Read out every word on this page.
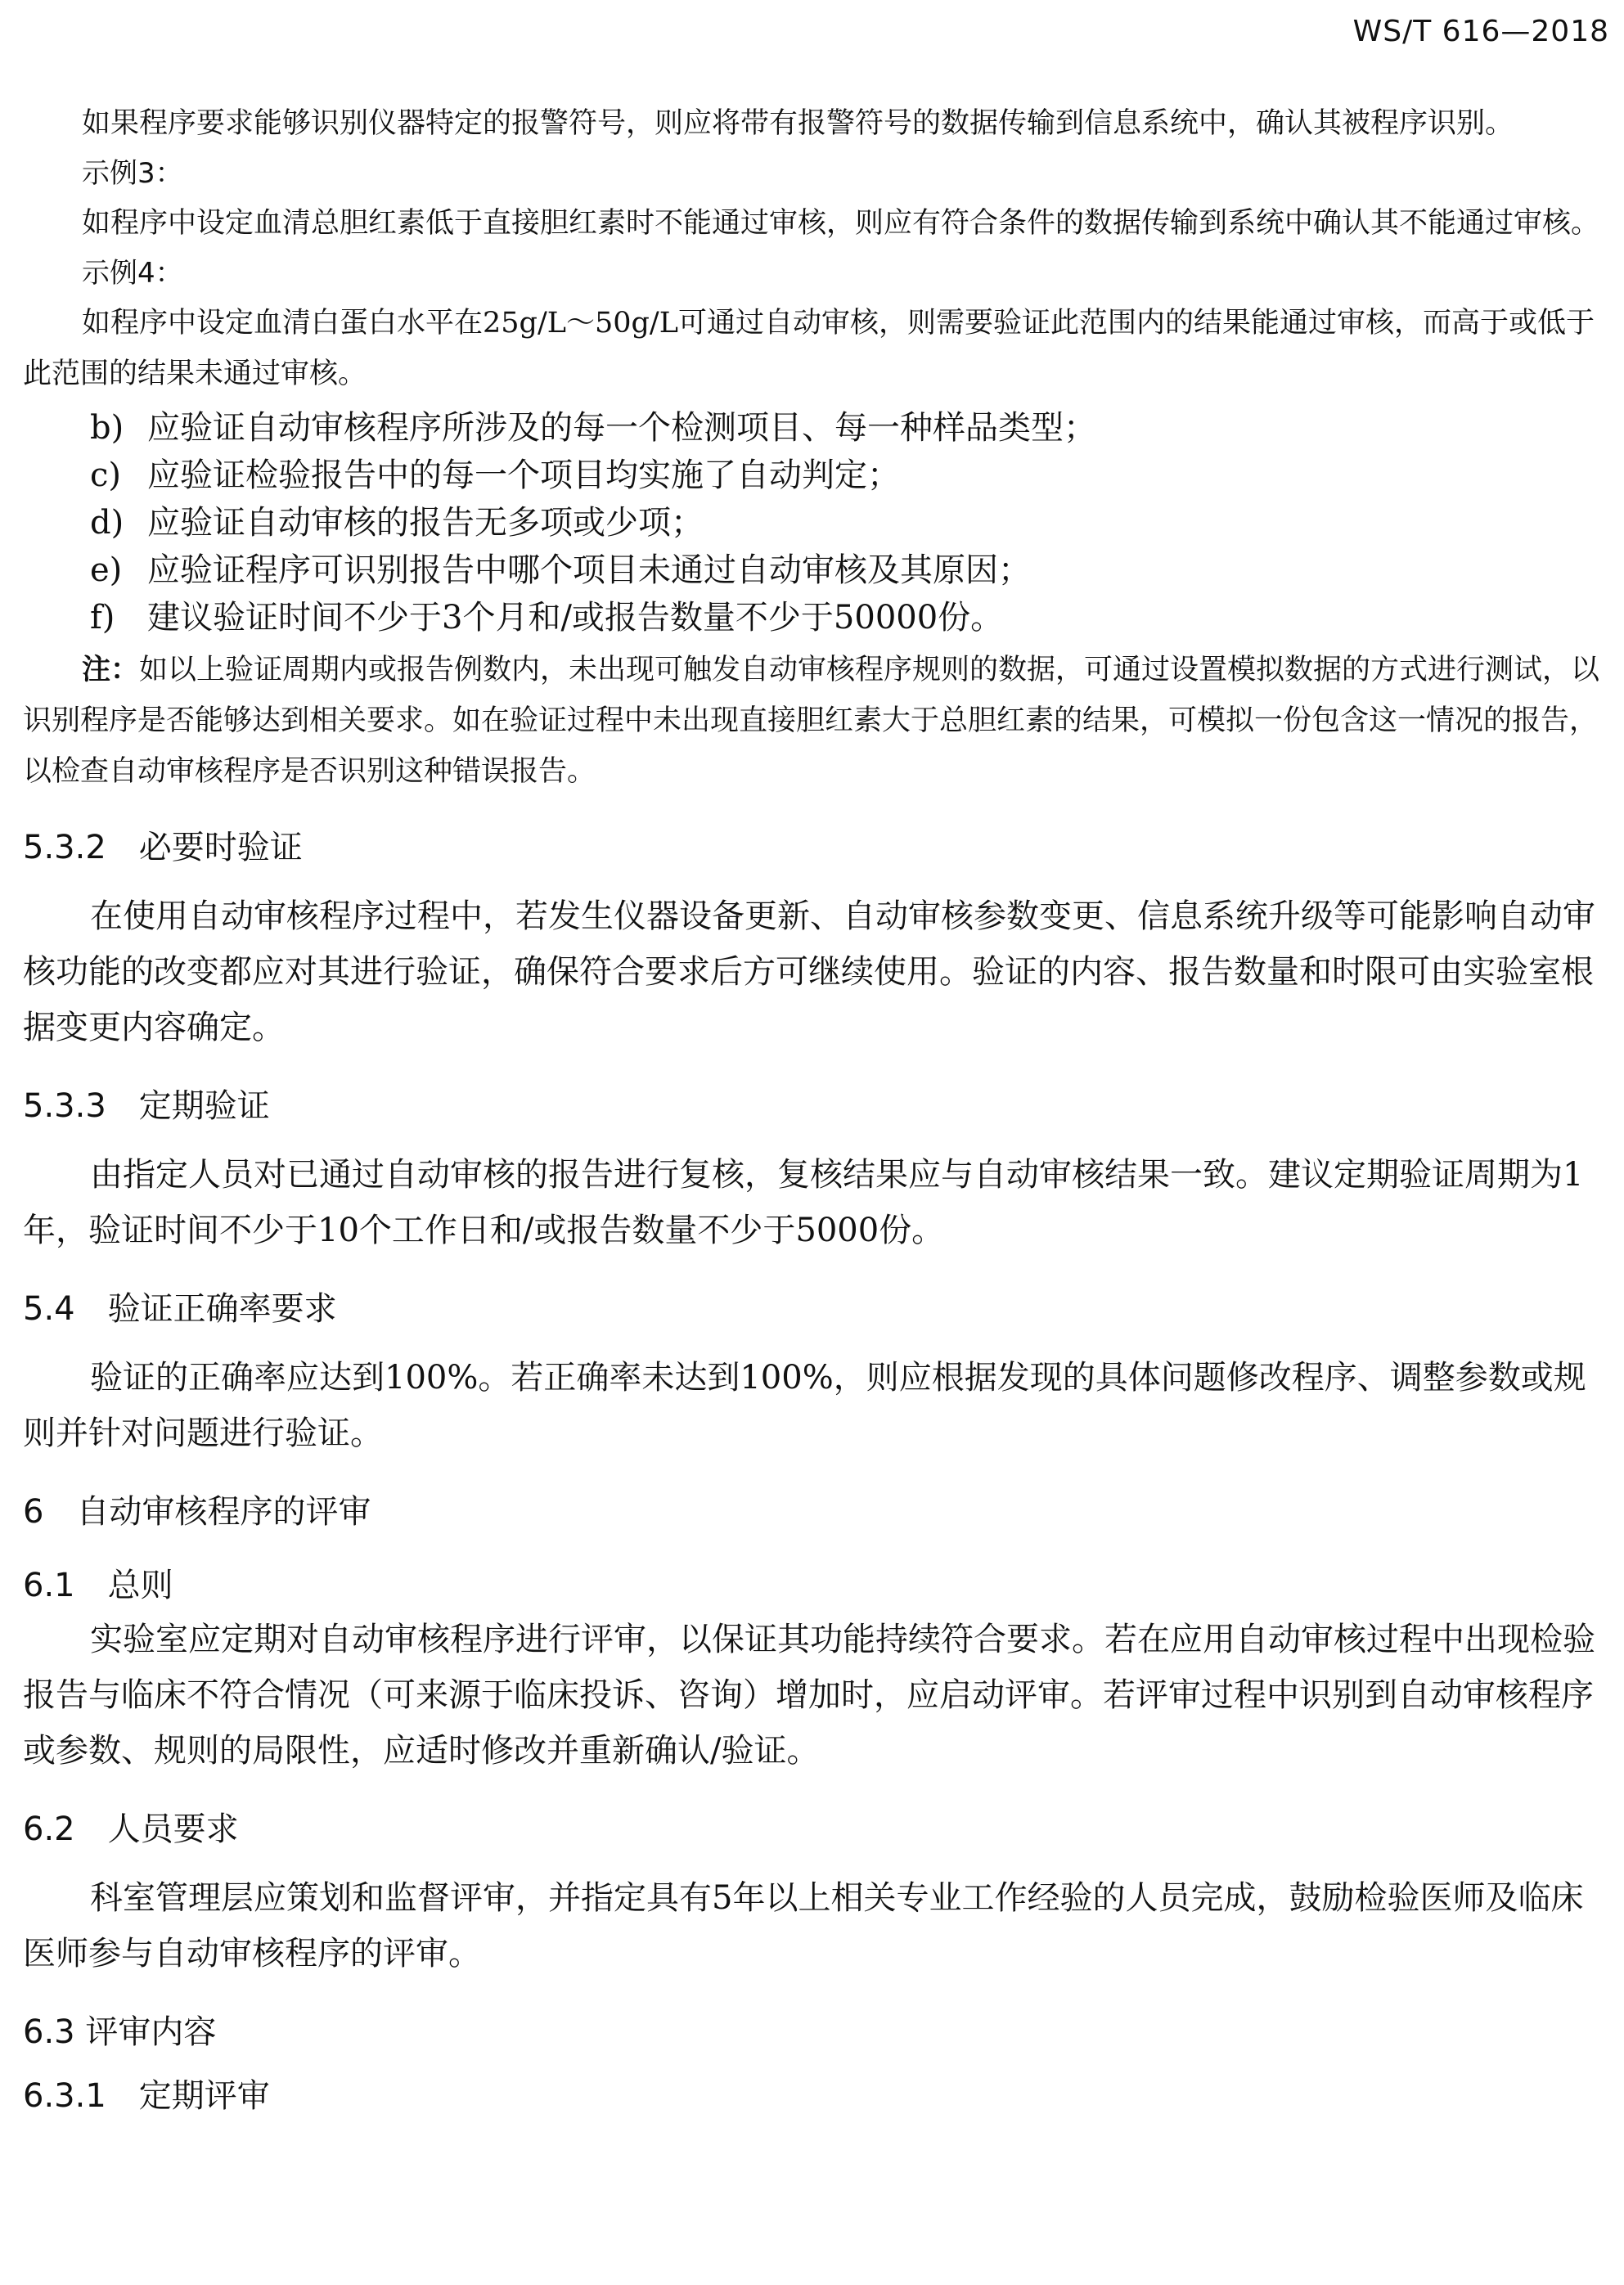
WS/T 616—2018

如果程序要求能够识别仪器特定的报警符号，则应将带有报警符号的数据传输到信息系统中，确认其被程序识别。

示例3：

如程序中设定血清总胆红素低于直接胆红素时不能通过审核，则应有符合条件的数据传输到系统中确认其不能通过审核。

示例4：

如程序中设定血清白蛋白水平在25g/L～50g/L可通过自动审核，则需要验证此范围内的结果能通过审核，而高于或低于此范围的结果未通过审核。

b) 应验证自动审核程序所涉及的每一个检测项目、每一种样品类型；

c) 应验证检验报告中的每一个项目均实施了自动判定；

d) 应验证自动审核的报告无多项或少项；

e) 应验证程序可识别报告中哪个项目未通过自动审核及其原因；

f) 建议验证时间不少于3个月和/或报告数量不少于50000份。

注：如以上验证周期内或报告例数内，未出现可触发自动审核程序规则的数据，可通过设置模拟数据的方式进行测试，以识别程序是否能够达到相关要求。如在验证过程中未出现直接胆红素大于总胆红素的结果，可模拟一份包含这一情况的报告，以检查自动审核程序是否识别这种错误报告。

5.3.2　必要时验证

在使用自动审核程序过程中，若发生仪器设备更新、自动审核参数变更、信息系统升级等可能影响自动审核功能的改变都应对其进行验证，确保符合要求后方可继续使用。验证的内容、报告数量和时限可由实验室根据变更内容确定。

5.3.3　定期验证

由指定人员对已通过自动审核的报告进行复核，复核结果应与自动审核结果一致。建议定期验证周期为1年，验证时间不少于10个工作日和/或报告数量不少于5000份。

5.4　验证正确率要求

验证的正确率应达到100%。若正确率未达到100%，则应根据发现的具体问题修改程序、调整参数或规则并针对问题进行验证。

6　自动审核程序的评审
6.1　总则

实验室应定期对自动审核程序进行评审，以保证其功能持续符合要求。若在应用自动审核过程中出现检验报告与临床不符合情况（可来源于临床投诉、咨询）增加时，应启动评审。若评审过程中识别到自动审核程序或参数、规则的局限性，应适时修改并重新确认/验证。

6.2　人员要求

科室管理层应策划和监督评审，并指定具有5年以上相关专业工作经验的人员完成，鼓励检验医师及临床医师参与自动审核程序的评审。

6.3 评审内容
6.3.1　定期评审
